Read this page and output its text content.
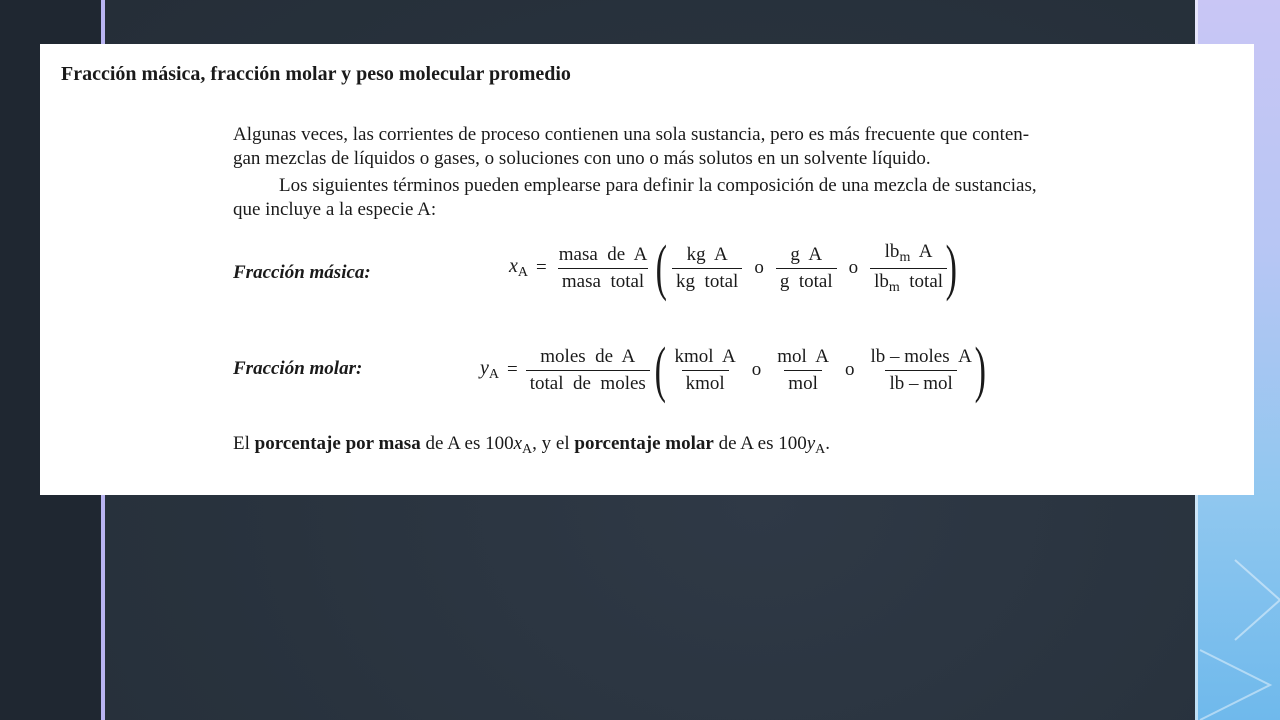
Fracción másica, fracción molar y peso molecular promedio
Algunas veces, las corrientes de proceso contienen una sola sustancia, pero es más frecuente que conten-
gan mezclas de líquidos o gases, o soluciones con uno o más solutos en un solvente líquido.
Los siguientes términos pueden emplearse para definir la composición de una mezcla de sustancias,
que incluye a la especie A:
Fracción másica:	$x_A = \frac{\text{masa  de  A}}{\text{masa  total}}$ ( $\frac{\text{kg  A}}{\text{kg  total}}$ o $\frac{\text{g  A}}{\text{g  total}}$ o $\frac{lb_m A}{lb_m total}$
)
Fracción molar:	$y_A = \frac{\text{moles  de  A}}{\text{total  de  moles}}$ ( $\frac{\text{kmol  A}}{\text{kmol}}$ o $\frac{\text{mol  A}}{\text{mol}}$ o $\frac{\text{lb – moles  A}}{\text{lb – mol}}$
)
El porcentaje por masa de A es $100x_A$, y el porcentaje molar de A es $100y_A$.
